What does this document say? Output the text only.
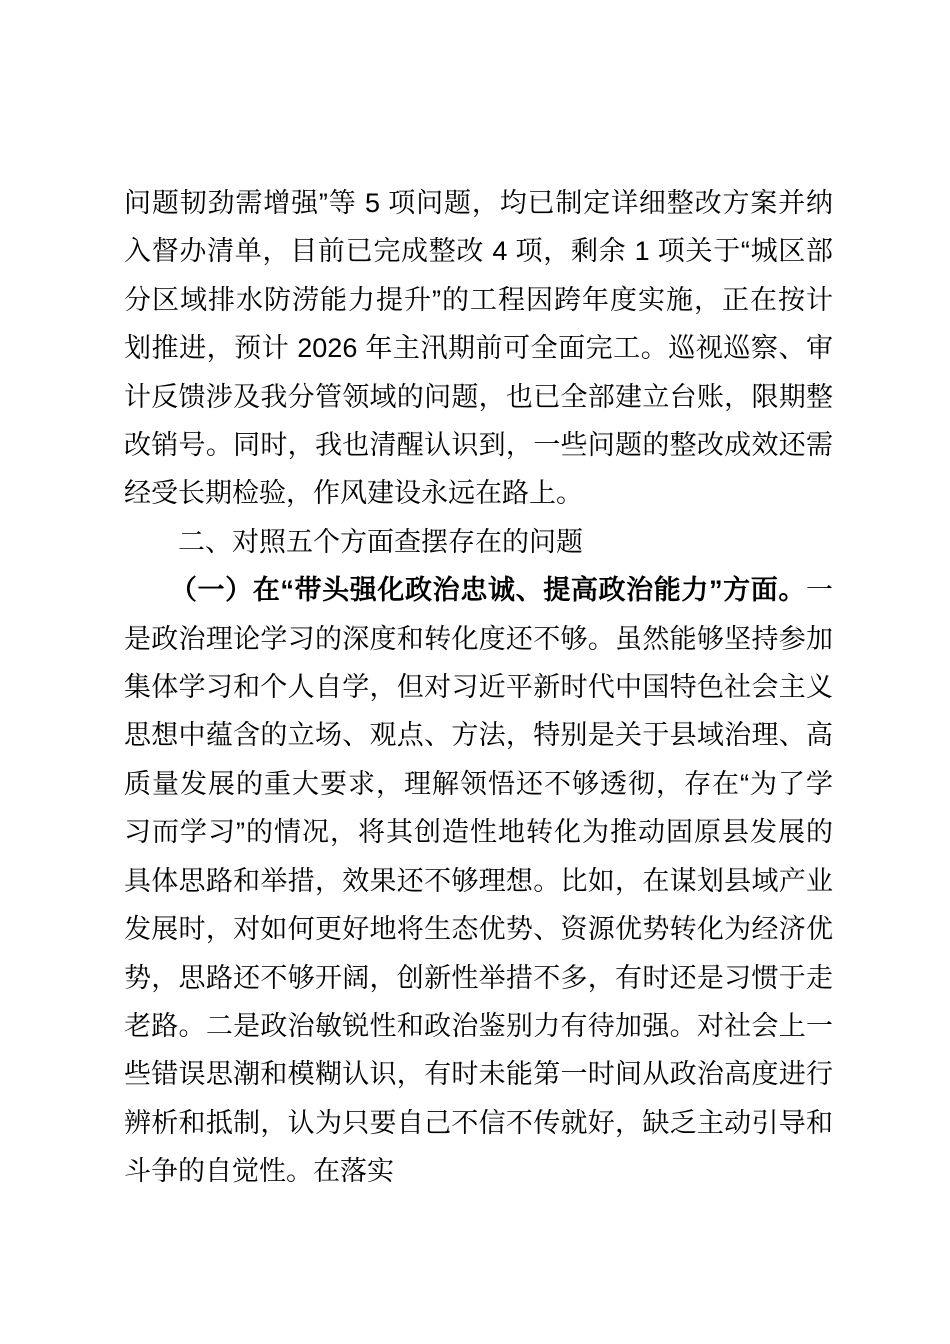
问题韧劲需增强”等 5 项问题，均已制定详细整改方案并纳入督办清单，目前已完成整改 4 项，剩余 1 项关于“城区部分区域排水防涝能力提升”的工程因跨年度实施，正在按计划推进，预计 2026 年主汛期前可全面完工。巡视巡察、审计反馈涉及我分管领域的问题，也已全部建立台账，限期整改销号。同时，我也清醒认识到，一些问题的整改成效还需经受长期检验，作风建设永远在路上。

二、对照五个方面查摆存在的问题

（一）在“带头强化政治忠诚、提高政治能力”方面。一是政治理论学习的深度和转化度还不够。虽然能够坚持参加集体学习和个人自学，但对习近平新时代中国特色社会主义思想中蕴含的立场、观点、方法，特别是关于县域治理、高质量发展的重大要求，理解领悟还不够透彻，存在“为了学习而学习”的情况，将其创造性地转化为推动固原县发展的具体思路和举措，效果还不够理想。比如，在谋划县域产业发展时，对如何更好地将生态优势、资源优势转化为经济优势，思路还不够开阔，创新性举措不多，有时还是习惯于走老路。二是政治敏锐性和政治鉴别力有待加强。对社会上一些错误思潮和模糊认识，有时未能第一时间从政治高度进行辨析和抵制，认为只要自己不信不传就好，缺乏主动引导和斗争的自觉性。在落实
